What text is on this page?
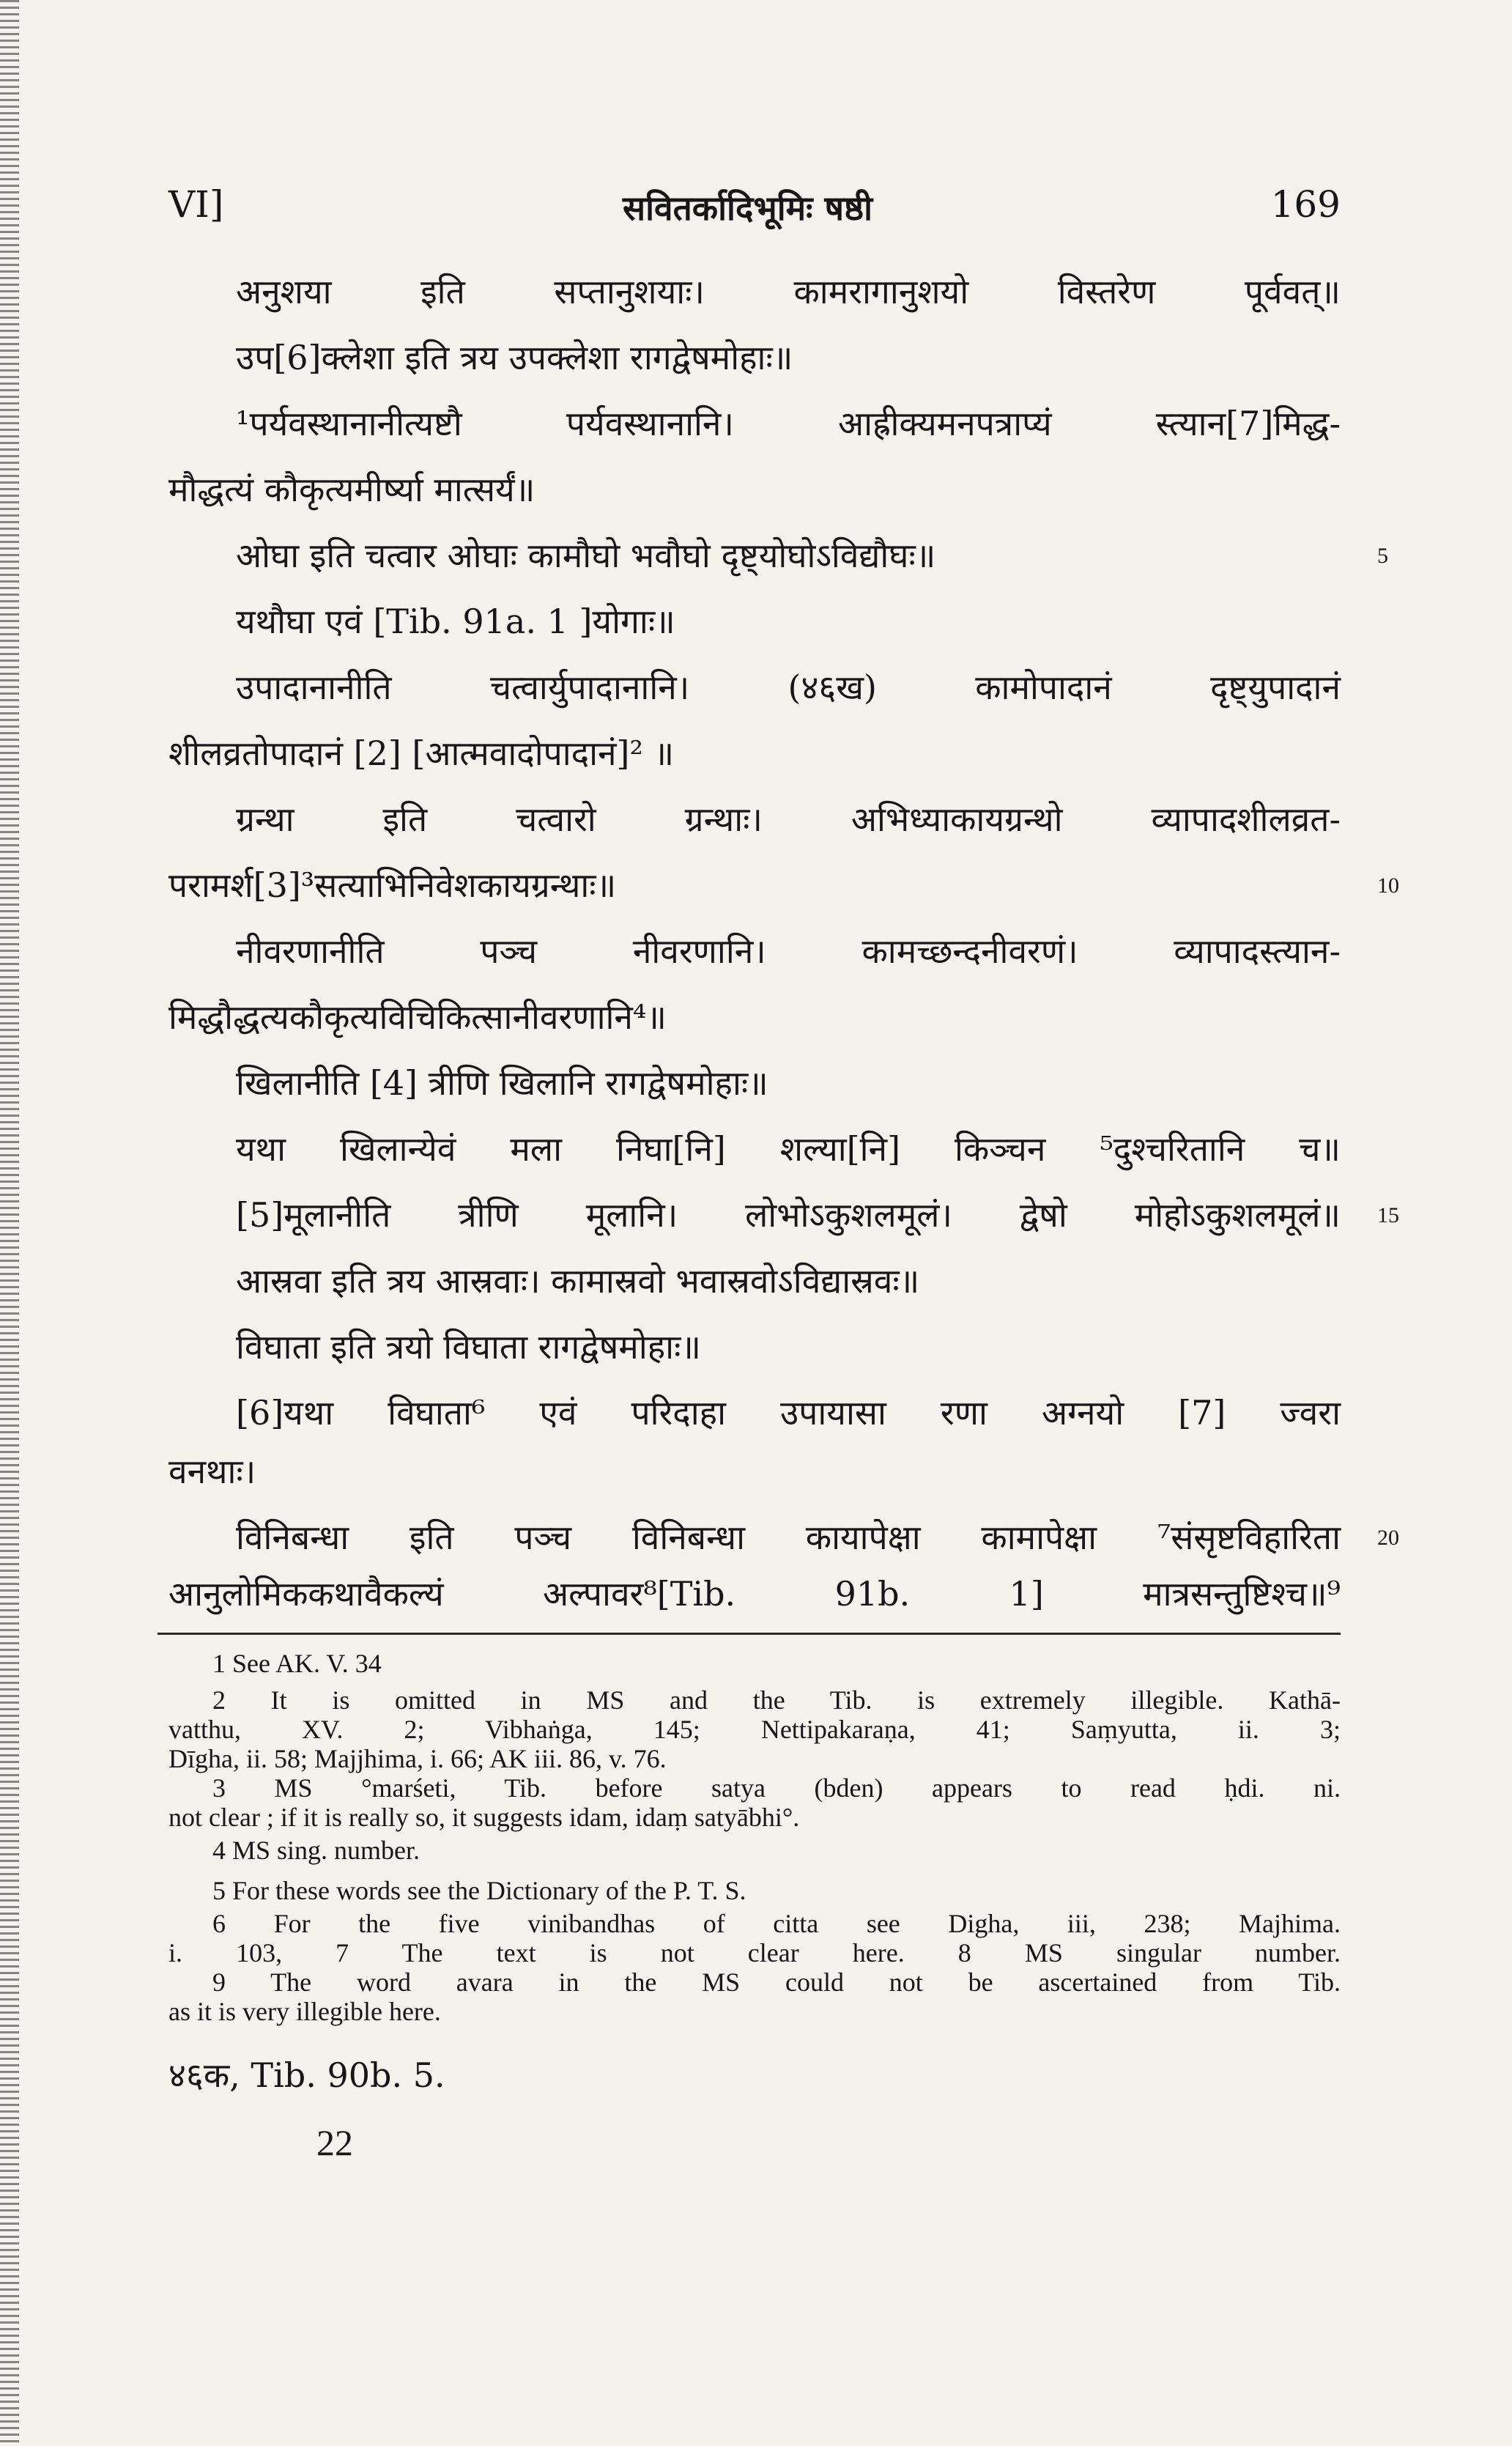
VI]	सवितर्कादिभूमिः षष्ठी	169
अनुशया इति सप्तानुशयाः। कामरागानुशयो विस्तरेण पूर्ववत्॥
उप[6]क्लेशा इति त्रय उपक्लेशा रागद्वेषमोहाः॥
¹पर्यवस्थानानीत्यष्टौ पर्यवस्थानानि। आह्रीक्यमनपत्राप्यं स्त्यान[7]मिद्ध-
मौद्धत्यं कौकृत्यमीर्ष्या मात्सर्यं॥
ओघा इति चत्वार ओघाः कामौघो भवौघो दृष्ट्योघोऽविद्यौघः॥
यथौघा एवं [Tib. 91a. 1 ]योगाः॥
उपादानानीति चत्वार्युपादानानि। (४६ख) कामोपादानं दृष्ट्युपादानं
शीलव्रतोपादानं [2] [आत्मवादोपादानं]² ॥
ग्रन्था इति चत्वारो ग्रन्थाः। अभिध्याकायग्रन्थो व्यापादशीलव्रत-
परामर्श[3]³सत्याभिनिवेशकायग्रन्थाः॥
नीवरणानीति पञ्च नीवरणानि। कामच्छन्दनीवरणं। व्यापादस्त्यान-
मिद्धौद्धत्यकौकृत्यविचिकित्सानीवरणानि⁴॥
खिलानीति [4] त्रीणि खिलानि रागद्वेषमोहाः॥
यथा खिलान्येवं मला निघा[नि] शल्या[नि] किञ्चन ⁵दुश्चरितानि च॥
[5]मूलानीति त्रीणि मूलानि। लोभोऽकुशलमूलं। द्वेषो मोहोऽकुशलमूलं॥
आस्रवा इति त्रय आस्रवाः। कामास्रवो भवास्रवोऽविद्यास्रवः॥
विघाता इति त्रयो विघाता रागद्वेषमोहाः॥
[6]यथा विघाता⁶ एवं परिदाहा उपायासा रणा अग्नयो [7] ज्वरा
वनथाः।
विनिबन्धा इति पञ्च विनिबन्धा कायापेक्षा कामापेक्षा ⁷संसृष्टविहारिता
5
10
15
20
आनुलोमिककथावैकल्यं अल्पावर⁸[Tib. 91b. 1] मात्रसन्तुष्टिश्च॥⁹
1 See AK. V. 34
2 It is omitted in MS and the Tib. is extremely illegible. Kathā-
vatthu, XV. 2; Vibhaṅga, 145; Nettipakaraṇa, 41; Saṃyutta, ii. 3;
Dīgha, ii. 58; Majjhima, i. 66; AK iii. 86, v. 76.
3 MS °marśeti, Tib. before satya (bden) appears to read ḥdi. ni.
not clear ; if it is really so, it suggests idam, idaṃ satyābhi°.
4 MS sing. number.
5 For these words see the Dictionary of the P. T. S.
6 For the five vinibandhas of citta see Digha, iii, 238; Majhima.
i. 103, 7 The text is not clear here. 8 MS singular number.
9 The word avara in the MS could not be ascertained from Tib.
as it is very illegible here.
४६क, Tib. 90b. 5.
22
